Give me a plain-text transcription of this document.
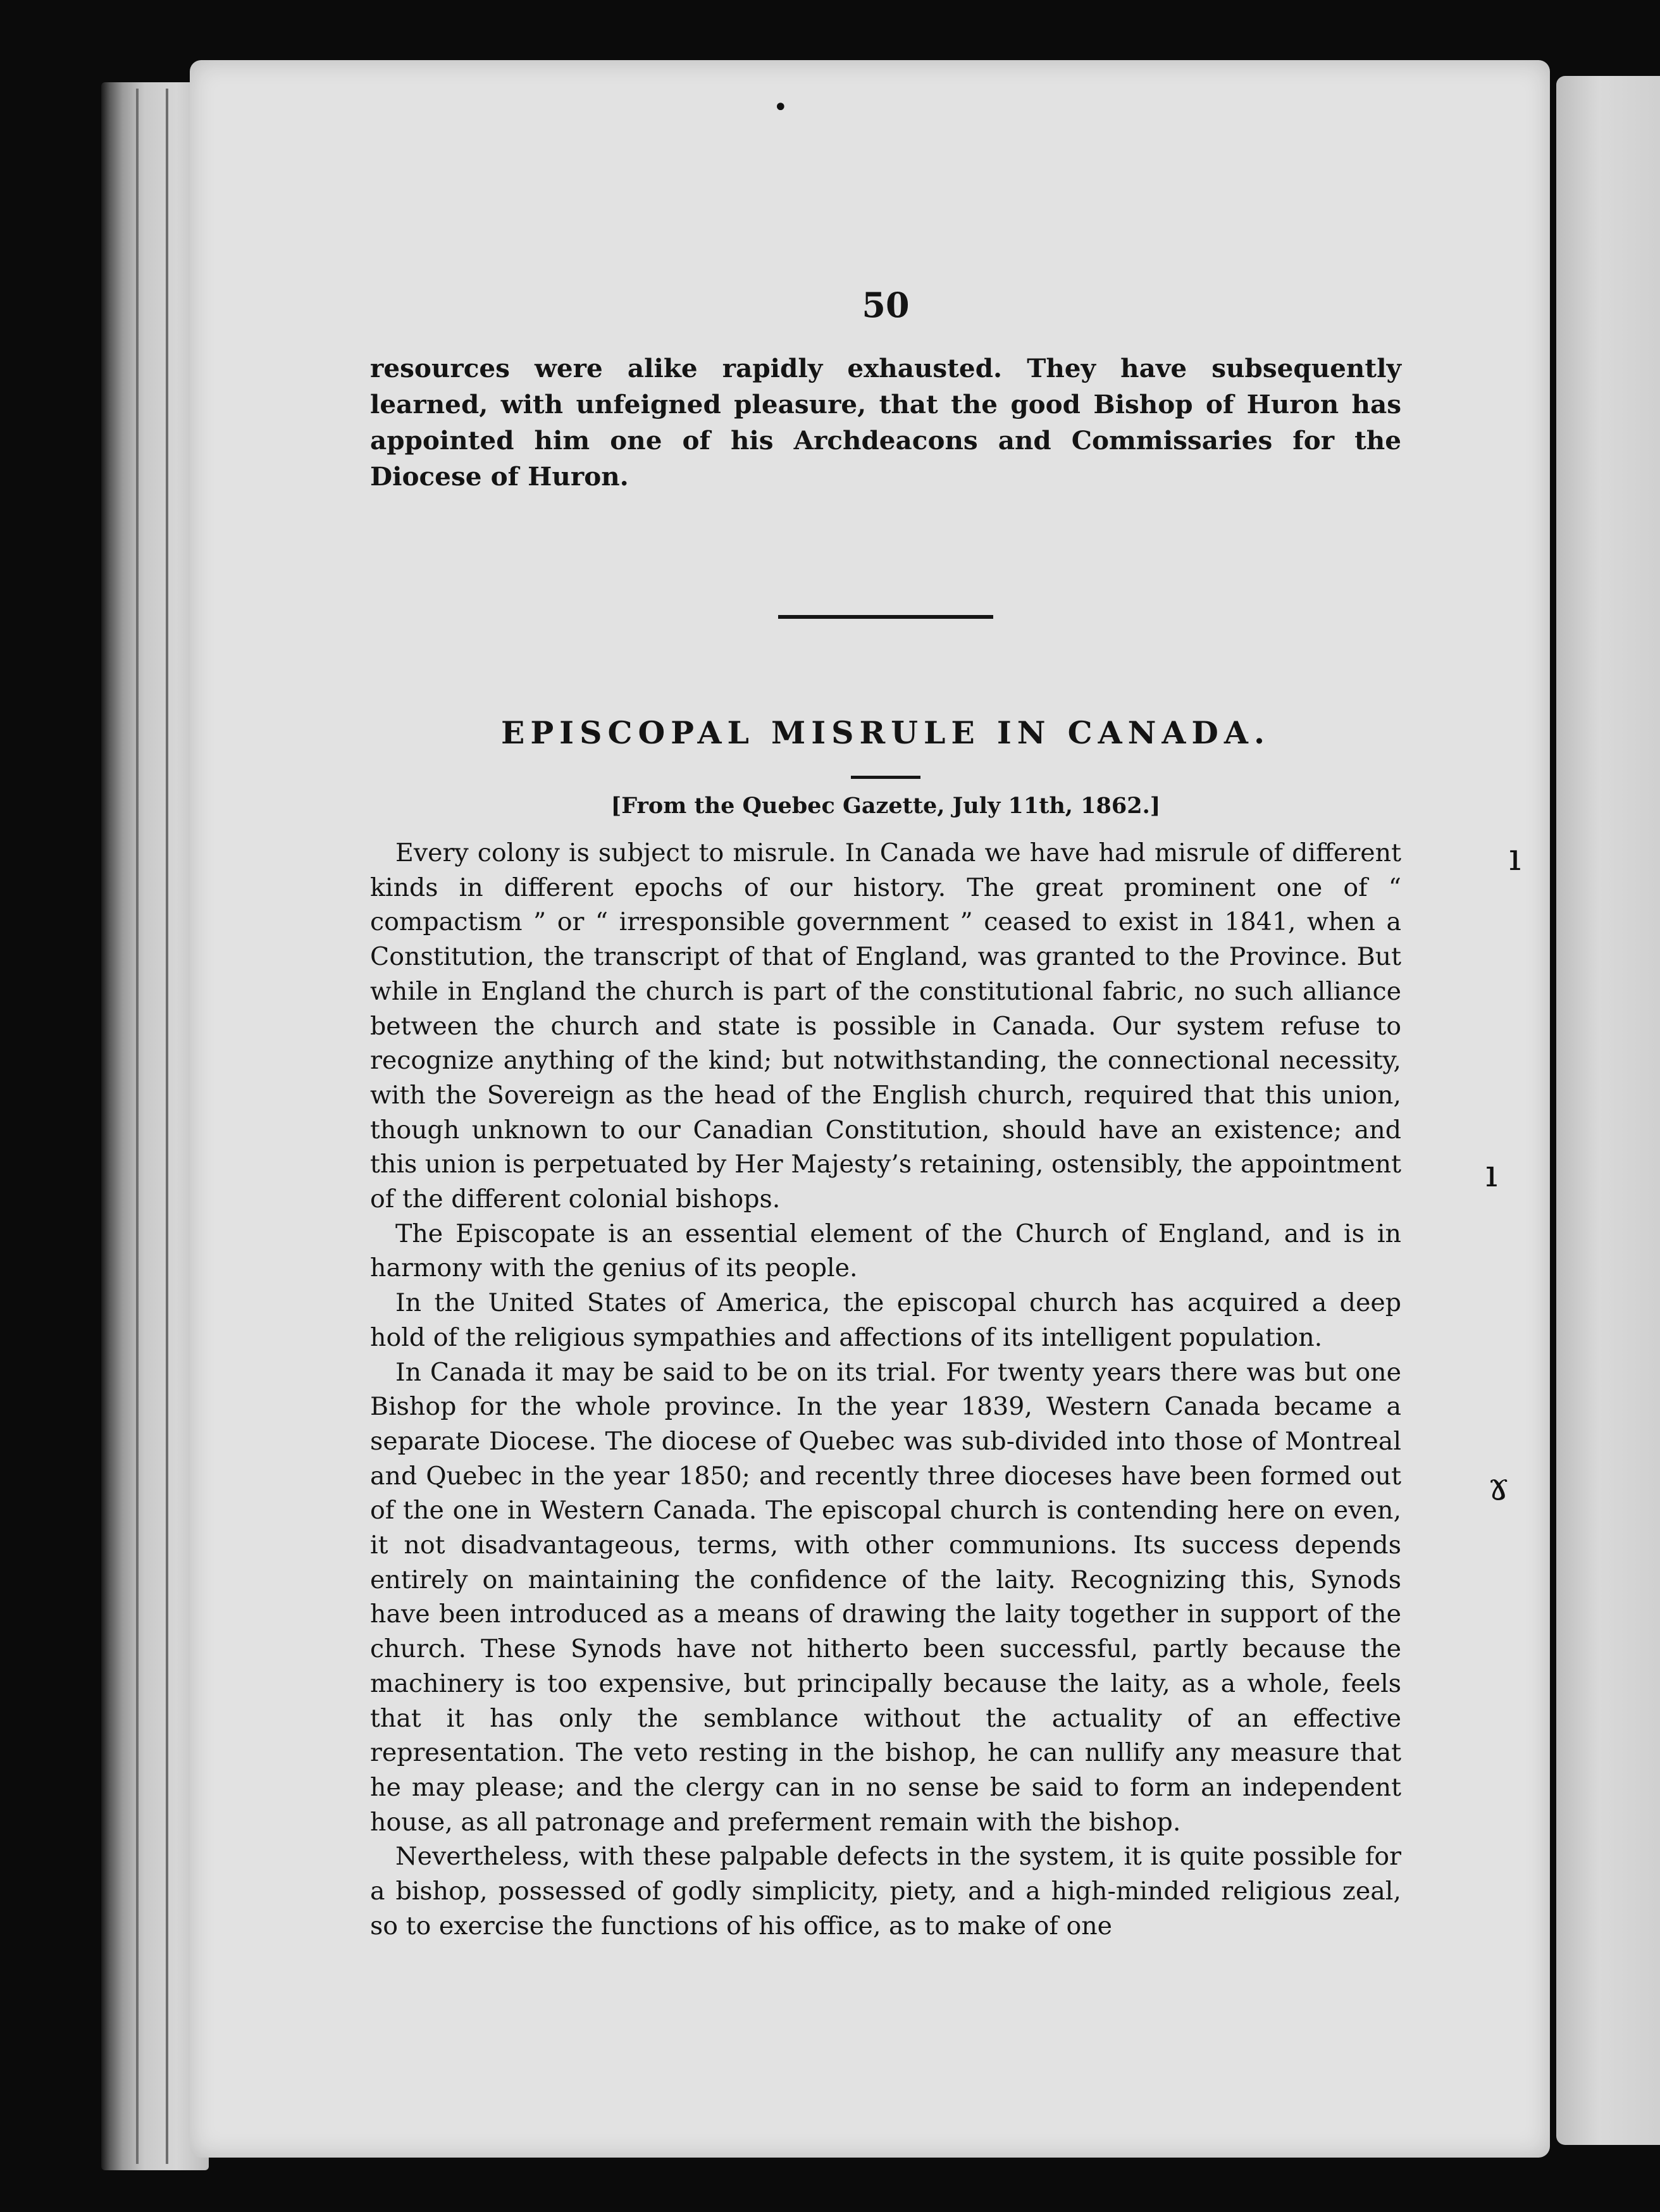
•
ı
ı
ɤ
50

resources were alike rapidly exhausted. They have subsequently learned, with unfeigned pleasure, that the good Bishop of Huron has appointed him one of his Archdeacons and Commissaries for the Diocese of Huron.

EPISCOPAL MISRULE IN CANADA.
[From the Quebec Gazette, July 11th, 1862.]

Every colony is subject to misrule. In Canada we have had misrule of different kinds in different epochs of our history. The great prominent one of “ compactism ” or “ irresponsible government ” ceased to exist in 1841, when a Constitution, the transcript of that of England, was granted to the Province. But while in England the church is part of the constitutional fabric, no such alliance between the church and state is possible in Canada. Our system refuse to recognize anything of the kind; but notwithstanding, the connectional necessity, with the Sovereign as the head of the English church, required that this union, though unknown to our Canadian Constitution, should have an existence; and this union is perpetuated by Her Majesty’s retaining, ostensibly, the appointment of the different colonial bishops.

The Episcopate is an essential element of the Church of England, and is in harmony with the genius of its people.

In the United States of America, the episcopal church has acquired a deep hold of the religious sympathies and affections of its intelligent population.

In Canada it may be said to be on its trial. For twenty years there was but one Bishop for the whole province. In the year 1839, Western Canada became a separate Diocese. The diocese of Quebec was sub-divided into those of Montreal and Quebec in the year 1850; and recently three dioceses have been formed out of the one in Western Canada. The episcopal church is contending here on even, it not disadvantageous, terms, with other communions. Its success depends entirely on maintaining the confidence of the laity. Recognizing this, Synods have been introduced as a means of drawing the laity together in support of the church. These Synods have not hitherto been successful, partly because the machinery is too expensive, but principally because the laity, as a whole, feels that it has only the semblance without the actuality of an effective representation. The veto resting in the bishop, he can nullify any measure that he may please; and the clergy can in no sense be said to form an independent house, as all patronage and preferment remain with the bishop.

Nevertheless, with these palpable defects in the system, it is quite possible for a bishop, possessed of godly simplicity, piety, and a high-minded religious zeal, so to exercise the functions of his office, as to make of one
